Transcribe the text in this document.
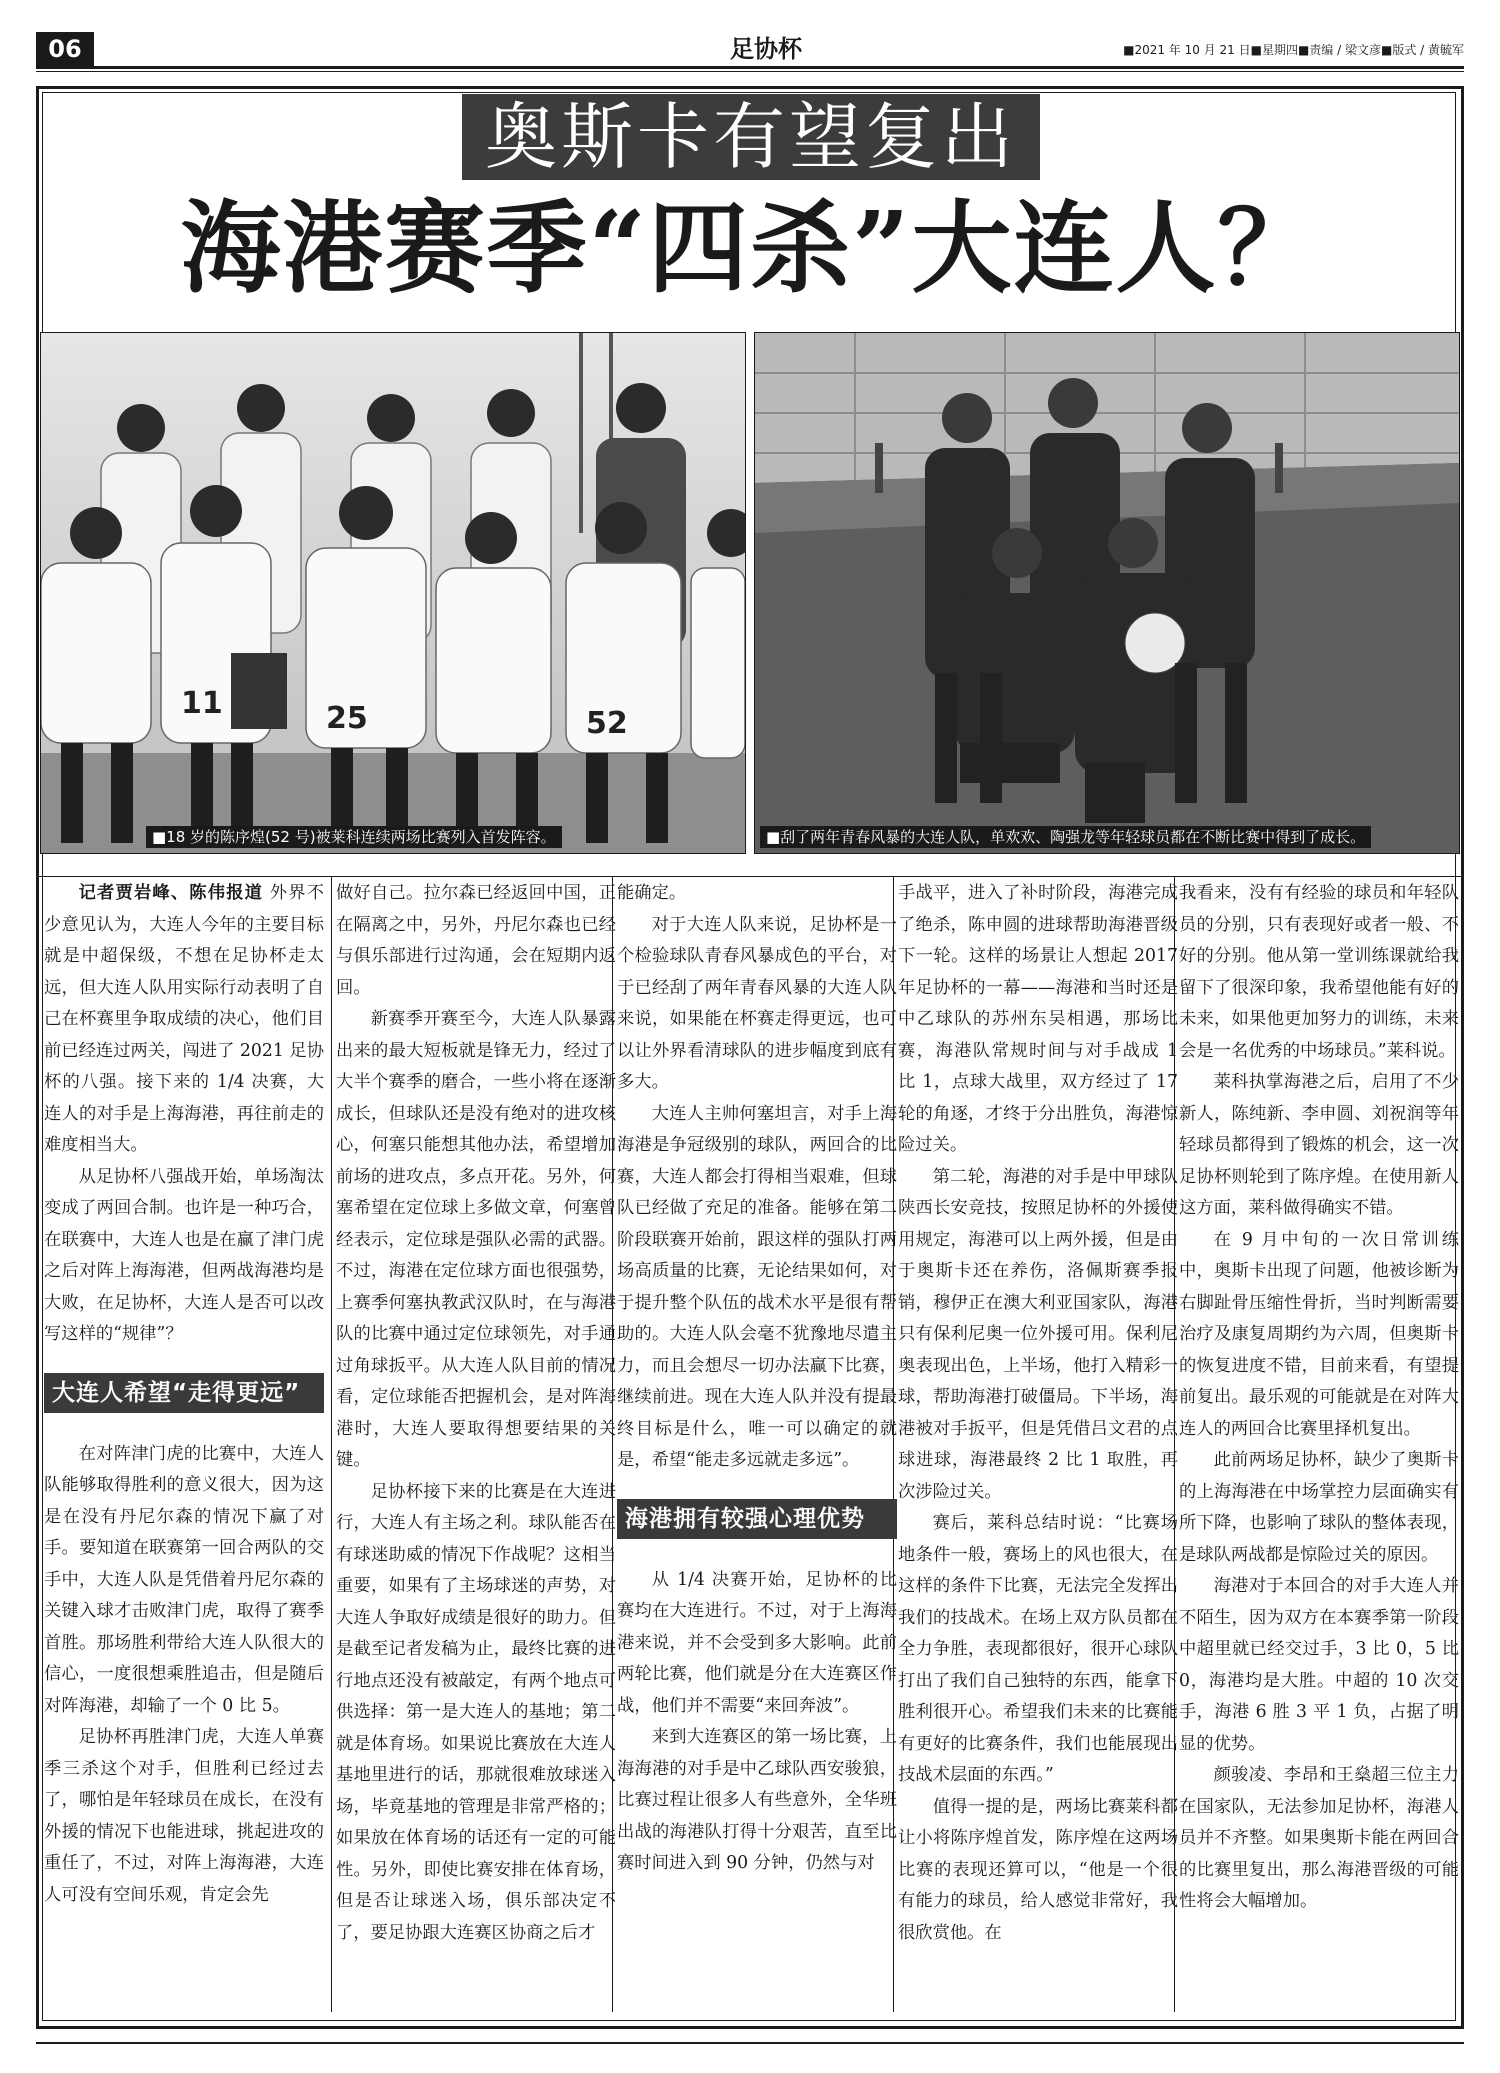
06	足协杯	■2021 年 10 月 21 日■星期四■责编 / 梁文彦■版式 / 黄毓军
奥斯卡有望复出
海港赛季“四杀”大连人？
11	25	52
■18 岁的陈序煌(52 号)被莱科连续两场比赛列入首发阵容。	■刮了两年青春风暴的大连人队，单欢欢、陶强龙等年轻球员都在不断比赛中得到了成长。

记者贾岩峰、陈伟报道 外界不少意见认为，大连人今年的主要目标就是中超保级，不想在足协杯走太远，但大连人队用实际行动表明了自己在杯赛里争取成绩的决心，他们目前已经连过两关，闯进了 2021 足协杯的八强。接下来的 1/4 决赛，大连人的对手是上海海港，再往前走的难度相当大。

从足协杯八强战开始，单场淘汰变成了两回合制。也许是一种巧合，在联赛中，大连人也是在赢了津门虎之后对阵上海海港，但两战海港均是大败，在足协杯，大连人是否可以改写这样的“规律”？

大连人希望“走得更远”

在对阵津门虎的比赛中，大连人队能够取得胜利的意义很大，因为这是在没有丹尼尔森的情况下赢了对手。要知道在联赛第一回合两队的交手中，大连人队是凭借着丹尼尔森的关键入球才击败津门虎，取得了赛季首胜。那场胜利带给大连人队很大的信心，一度很想乘胜追击，但是随后对阵海港，却输了一个 0 比 5。

足协杯再胜津门虎，大连人单赛季三杀这个对手，但胜利已经过去了，哪怕是年轻球员在成长，在没有外援的情况下也能进球，挑起进攻的重任了，不过，对阵上海海港，大连人可没有空间乐观，肯定会先

做好自己。拉尔森已经返回中国，正在隔离之中，另外，丹尼尔森也已经与俱乐部进行过沟通，会在短期内返回。

新赛季开赛至今，大连人队暴露出来的最大短板就是锋无力，经过了大半个赛季的磨合，一些小将在逐渐成长，但球队还是没有绝对的进攻核心，何塞只能想其他办法，希望增加前场的进攻点，多点开花。另外，何塞希望在定位球上多做文章，何塞曾经表示，定位球是强队必需的武器。不过，海港在定位球方面也很强势，上赛季何塞执教武汉队时，在与海港队的比赛中通过定位球领先，对手通过角球扳平。从大连人队目前的情况看，定位球能否把握机会，是对阵海港时，大连人要取得想要结果的关键。

足协杯接下来的比赛是在大连进行，大连人有主场之利。球队能否在有球迷助威的情况下作战呢？这相当重要，如果有了主场球迷的声势，对大连人争取好成绩是很好的助力。但是截至记者发稿为止，最终比赛的进行地点还没有被敲定，有两个地点可供选择：第一是大连人的基地；第二就是体育场。如果说比赛放在大连人基地里进行的话，那就很难放球迷入场，毕竟基地的管理是非常严格的；如果放在体育场的话还有一定的可能性。另外，即使比赛安排在体育场，但是否让球迷入场，俱乐部决定不了，要足协跟大连赛区协商之后才

能确定。

对于大连人队来说，足协杯是一个检验球队青春风暴成色的平台，对于已经刮了两年青春风暴的大连人队来说，如果能在杯赛走得更远，也可以让外界看清球队的进步幅度到底有多大。

大连人主帅何塞坦言，对手上海海港是争冠级别的球队，两回合的比赛，大连人都会打得相当艰难，但球队已经做了充足的准备。能够在第二阶段联赛开始前，跟这样的强队打两场高质量的比赛，无论结果如何，对于提升整个队伍的战术水平是很有帮助的。大连人队会毫不犹豫地尽遣主力，而且会想尽一切办法赢下比赛，继续前进。现在大连人队并没有提最终目标是什么，唯一可以确定的就是，希望“能走多远就走多远”。

海港拥有较强心理优势

从 1/4 决赛开始，足协杯的比赛均在大连进行。不过，对于上海海港来说，并不会受到多大影响。此前两轮比赛，他们就是分在大连赛区作战，他们并不需要“来回奔波”。

来到大连赛区的第一场比赛，上海海港的对手是中乙球队西安骏狼，比赛过程让很多人有些意外，全华班出战的海港队打得十分艰苦，直至比赛时间进入到 90 分钟，仍然与对

手战平，进入了补时阶段，海港完成了绝杀，陈申圆的进球帮助海港晋级下一轮。这样的场景让人想起 2017 年足协杯的一幕——海港和当时还是中乙球队的苏州东吴相遇，那场比赛，海港队常规时间与对手战成 1 比 1，点球大战里，双方经过了 17 轮的角逐，才终于分出胜负，海港惊险过关。

第二轮，海港的对手是中甲球队陕西长安竞技，按照足协杯的外援使用规定，海港可以上两外援，但是由于奥斯卡还在养伤，洛佩斯赛季报销，穆伊正在澳大利亚国家队，海港只有保利尼奥一位外援可用。保利尼奥表现出色，上半场，他打入精彩一球，帮助海港打破僵局。下半场，海港被对手扳平，但是凭借吕文君的点球进球，海港最终 2 比 1 取胜，再次涉险过关。

赛后，莱科总结时说：“比赛场地条件一般，赛场上的风也很大，在这样的条件下比赛，无法完全发挥出我们的技战术。在场上双方队员都在全力争胜，表现都很好，很开心球队打出了我们自己独特的东西，能拿下胜利很开心。希望我们未来的比赛能有更好的比赛条件，我们也能展现出技战术层面的东西。”

值得一提的是，两场比赛莱科都让小将陈序煌首发，陈序煌在这两场比赛的表现还算可以，“他是一个很有能力的球员，给人感觉非常好，我很欣赏他。在

我看来，没有有经验的球员和年轻队员的分别，只有表现好或者一般、不好的分别。他从第一堂训练课就给我留下了很深印象，我希望他能有好的未来，如果他更加努力的训练，未来会是一名优秀的中场球员。”莱科说。

莱科执掌海港之后，启用了不少新人，陈纯新、李申圆、刘祝润等年轻球员都得到了锻炼的机会，这一次足协杯则轮到了陈序煌。在使用新人这方面，莱科做得确实不错。

在 9 月中旬的一次日常训练中，奥斯卡出现了问题，他被诊断为右脚趾骨压缩性骨折，当时判断需要治疗及康复周期约为六周，但奥斯卡的恢复进度不错，目前来看，有望提前复出。最乐观的可能就是在对阵大连人的两回合比赛里择机复出。

此前两场足协杯，缺少了奥斯卡的上海海港在中场掌控力层面确实有所下降，也影响了球队的整体表现，是球队两战都是惊险过关的原因。

海港对于本回合的对手大连人并不陌生，因为双方在本赛季第一阶段中超里就已经交过手，3 比 0，5 比 0，海港均是大胜。中超的 10 次交手，海港 6 胜 3 平 1 负，占据了明显的优势。

颜骏凌、李昂和王燊超三位主力在国家队，无法参加足协杯，海港人员并不齐整。如果奥斯卡能在两回合的比赛里复出，那么海港晋级的可能性将会大幅增加。
